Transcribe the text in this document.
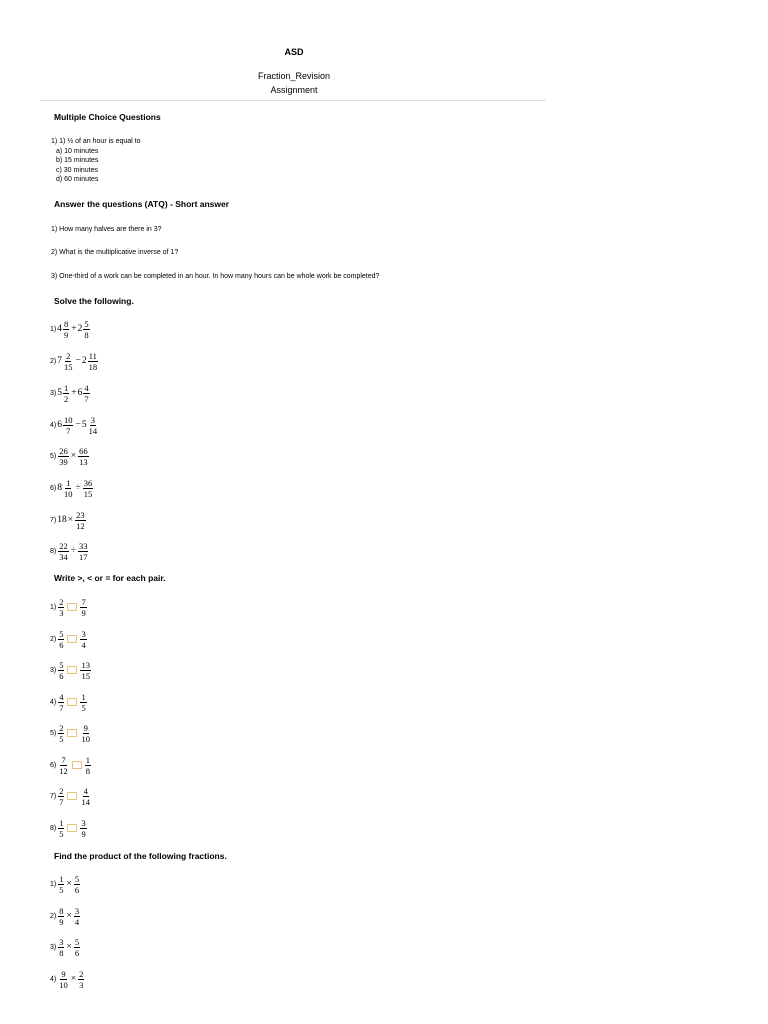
ASD
Fraction_Revision
Assignment
Multiple Choice Questions
1) 1) ½ of an hour is equal to
a) 10 minutes
b) 15 minutes
c) 30 minutes
d) 60 minutes
Answer the questions (ATQ) - Short answer
1) How many halves are there in 3?
2) What is the multiplicative inverse of 1?
3) One-third of a work can be completed in an hour. In how many hours can be whole work be completed?
Solve the following.
1) $4 \frac{8}{9} + 2 \frac{5}{8}$
2) $7 \frac{2}{15} - 2 \frac{11}{18}$
3) $5 \frac{1}{2} + 6 \frac{4}{7}$
4) $6 \frac{10}{7} - 5 \frac{3}{14}$
$5) \frac{26}{39} \times \frac{66}{13}$
6) $8 \frac{1}{10} \div \frac{36}{15}$
7) $18 \times \frac{23}{12}$
$8) \frac{22}{34} \div \frac{33}{17}$
Write >, < or = for each pair.
$1) \frac{2}{3} \frac{7}{9}$
$2) \frac{5}{6} \frac{3}{4}$
$3) \frac{5}{6} \frac{13}{15}$
$4) \frac{4}{7} \frac{1}{5}$
$5) \frac{2}{5} \frac{9}{10}$
$6) \frac{7}{12} \frac{1}{8}$
$7) \frac{2}{7} \frac{4}{14}$
$8) \frac{1}{5} \frac{3}{9}$
Find the product of the following fractions.
$1) \frac{1}{5} \times \frac{5}{6}$
$2) \frac{8}{9} \times \frac{3}{4}$
$3) \frac{3}{8} \times \frac{5}{6}$
$4) \frac{9}{10} \times \frac{2}{3}$
